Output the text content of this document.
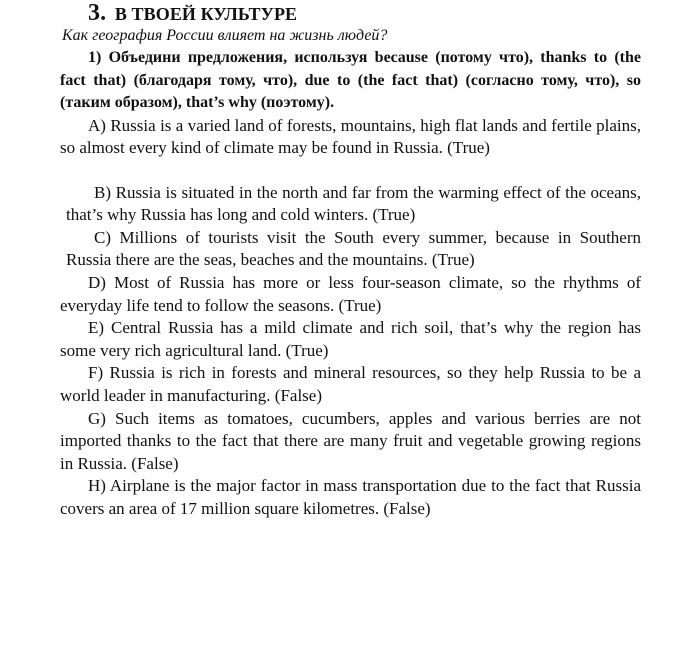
3. В ТВОЕЙ КУЛЬТУРЕ

Как география России влияет на жизнь людей?

1) Объедини предложения, используя because (потому что), thanks to (the fact that) (благодаря тому, что), due to (the fact that) (согласно тому, что), so (таким образом), that’s why (поэтому).

A) Russia is a varied land of forests, mountains, high flat lands and fertile plains, so almost every kind of climate may be found in Russia. (True)

B) Russia is situated in the north and far from the warming effect of the oceans, that’s why Russia has long and cold winters. (True)

C) Millions of tourists visit the South every summer, because in Southern Russia there are the seas, beaches and the mountains. (True)

D) Most of Russia has more or less four-season climate, so the rhythms of everyday life tend to follow the seasons. (True)

E) Central Russia has a mild climate and rich soil, that’s why the region has some very rich agricultural land. (True)

F) Russia is rich in forests and mineral resources, so they help Russia to be a world leader in manufacturing. (False)

G) Such items as tomatoes, cucumbers, apples and various berries are not imported thanks to the fact that there are many fruit and vegetable growing regions in Russia. (False)

H) Airplane is the major factor in mass transportation due to the fact that Russia covers an area of 17 million square kilometres. (False)
